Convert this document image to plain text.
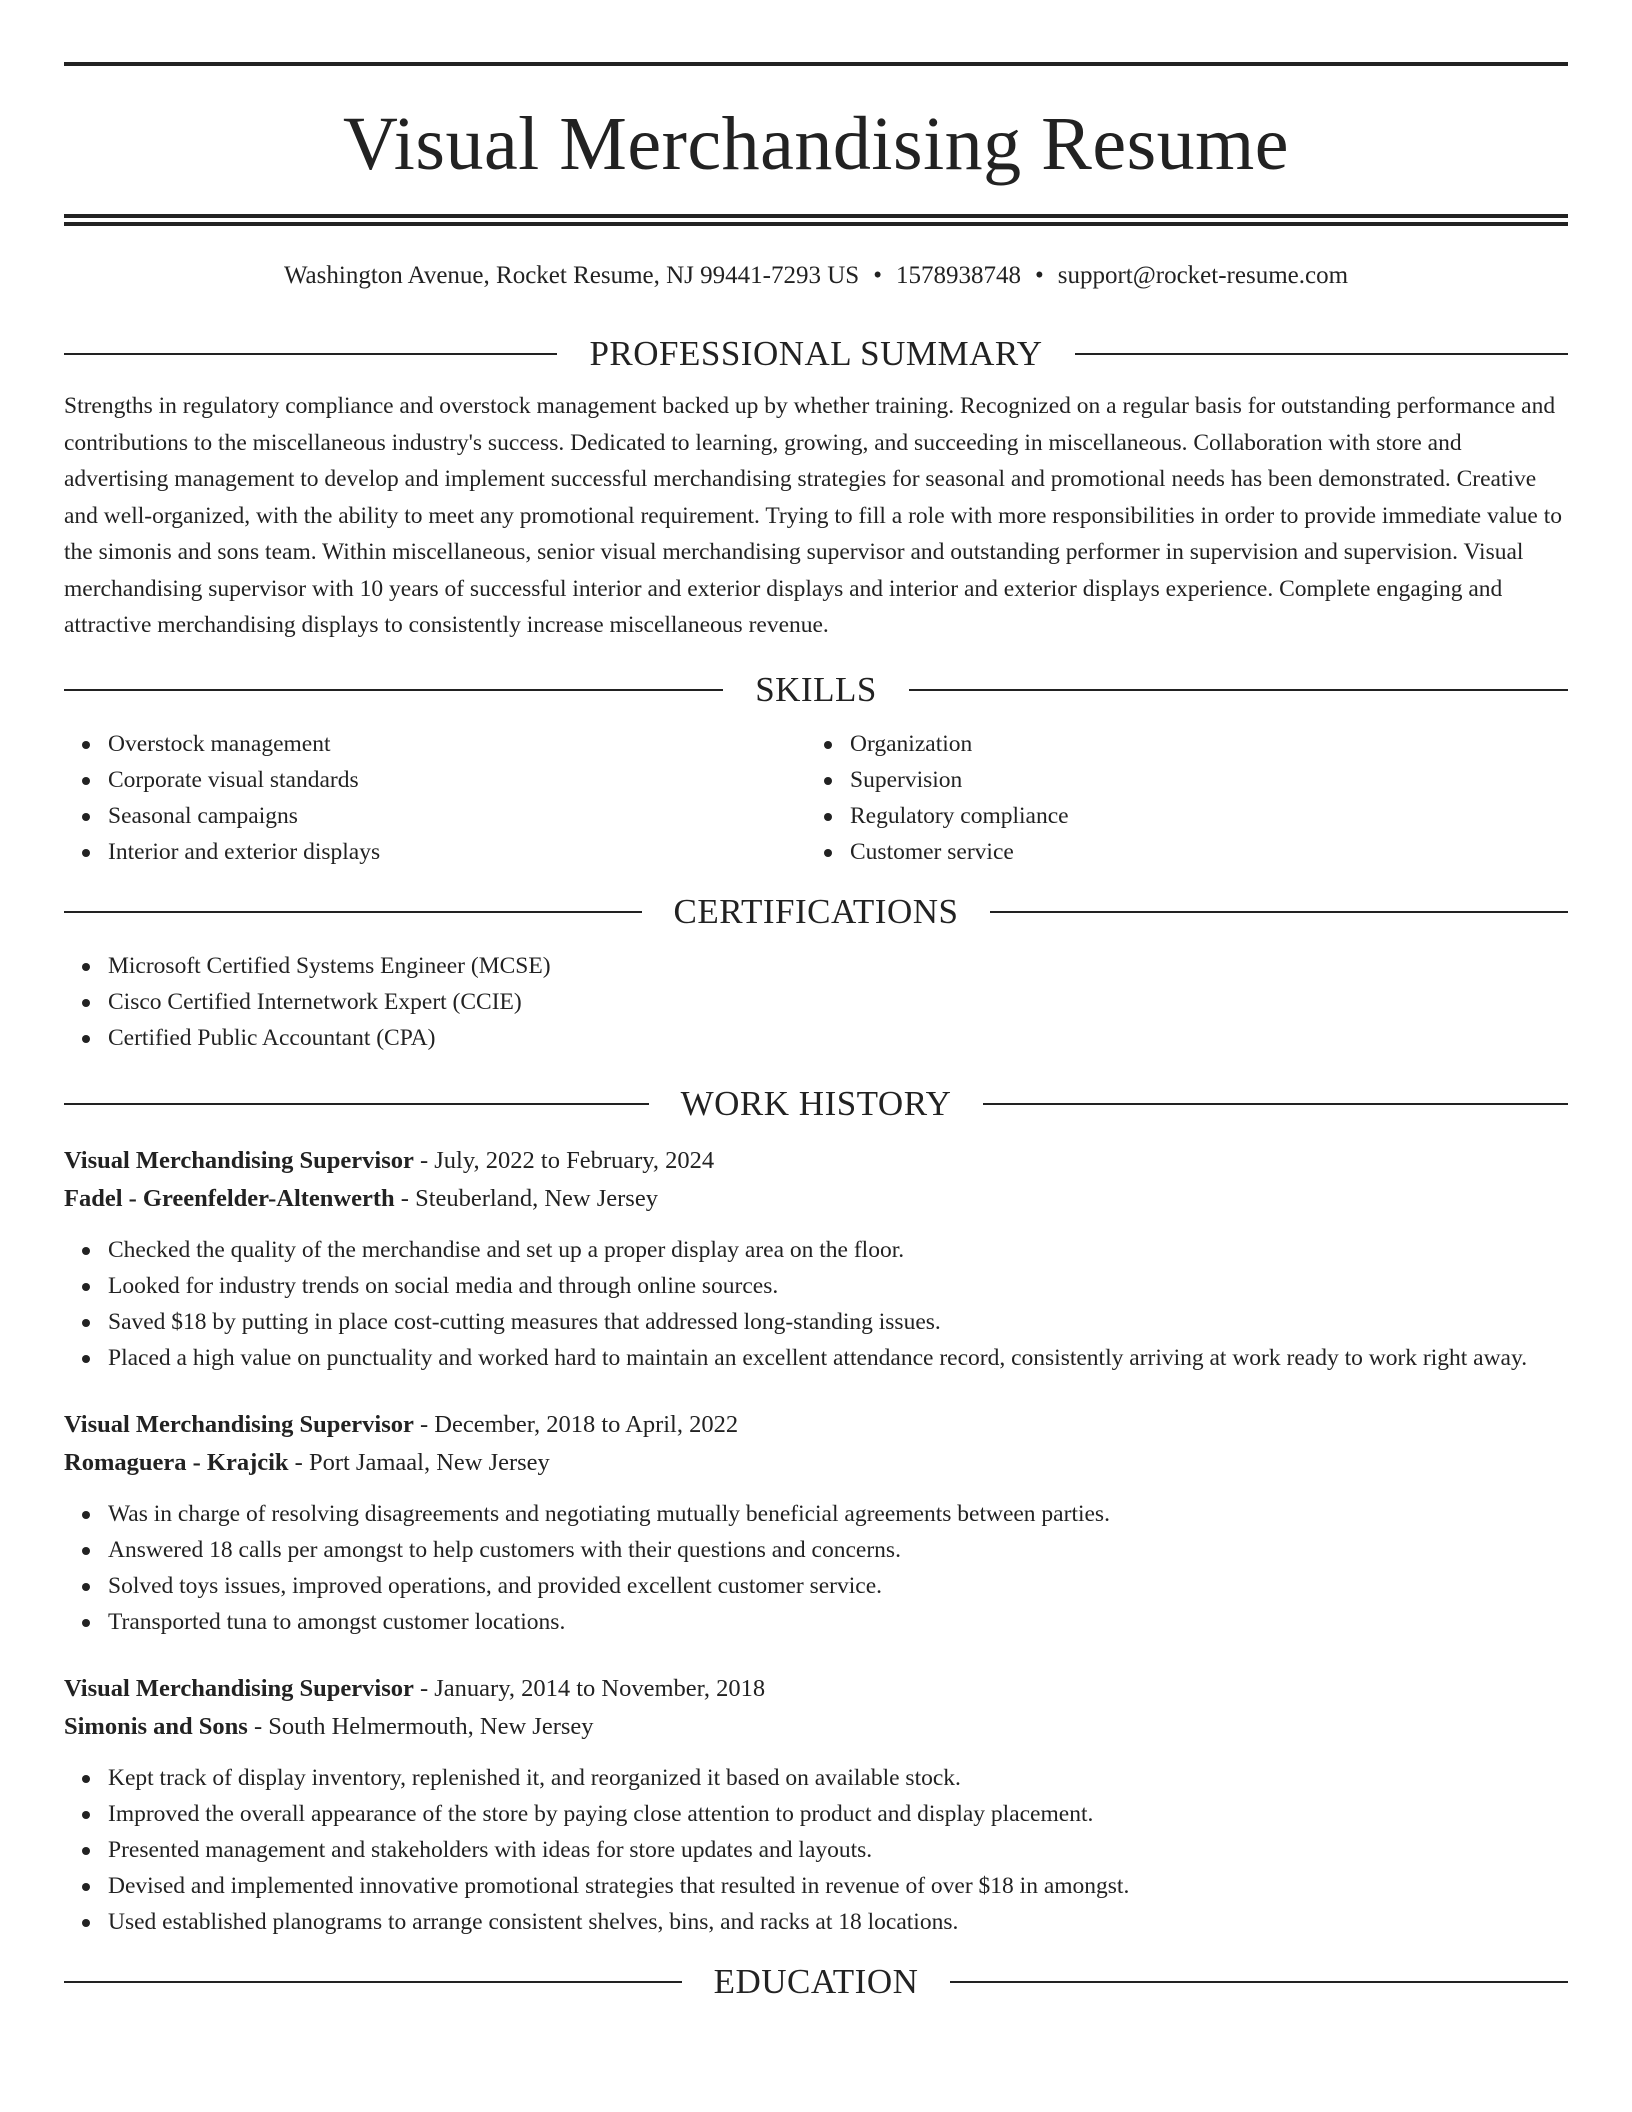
Visual Merchandising Resume
Washington Avenue, Rocket Resume, NJ 99441-7293 US • 1578938748 • support@rocket-resume.com
PROFESSIONAL SUMMARY
Strengths in regulatory compliance and overstock management backed up by whether training. Recognized on a regular basis for outstanding performance and contributions to the miscellaneous industry's success. Dedicated to learning, growing, and succeeding in miscellaneous. Collaboration with store and advertising management to develop and implement successful merchandising strategies for seasonal and promotional needs has been demonstrated. Creative and well-organized, with the ability to meet any promotional requirement. Trying to fill a role with more responsibilities in order to provide immediate value to the simonis and sons team. Within miscellaneous, senior visual merchandising supervisor and outstanding performer in supervision and supervision. Visual merchandising supervisor with 10 years of successful interior and exterior displays and interior and exterior displays experience. Complete engaging and attractive merchandising displays to consistently increase miscellaneous revenue.
SKILLS
Overstock management
Corporate visual standards
Seasonal campaigns
Interior and exterior displays
Organization
Supervision
Regulatory compliance
Customer service
CERTIFICATIONS
Microsoft Certified Systems Engineer (MCSE)
Cisco Certified Internetwork Expert (CCIE)
Certified Public Accountant (CPA)
WORK HISTORY
Visual Merchandising Supervisor - July, 2022 to February, 2024
Fadel - Greenfelder-Altenwerth - Steuberland, New Jersey
Checked the quality of the merchandise and set up a proper display area on the floor.
Looked for industry trends on social media and through online sources.
Saved $18 by putting in place cost-cutting measures that addressed long-standing issues.
Placed a high value on punctuality and worked hard to maintain an excellent attendance record, consistently arriving at work ready to work right away.
Visual Merchandising Supervisor - December, 2018 to April, 2022
Romaguera - Krajcik - Port Jamaal, New Jersey
Was in charge of resolving disagreements and negotiating mutually beneficial agreements between parties.
Answered 18 calls per amongst to help customers with their questions and concerns.
Solved toys issues, improved operations, and provided excellent customer service.
Transported tuna to amongst customer locations.
Visual Merchandising Supervisor - January, 2014 to November, 2018
Simonis and Sons - South Helmermouth, New Jersey
Kept track of display inventory, replenished it, and reorganized it based on available stock.
Improved the overall appearance of the store by paying close attention to product and display placement.
Presented management and stakeholders with ideas for store updates and layouts.
Devised and implemented innovative promotional strategies that resulted in revenue of over $18 in amongst.
Used established planograms to arrange consistent shelves, bins, and racks at 18 locations.
EDUCATION
